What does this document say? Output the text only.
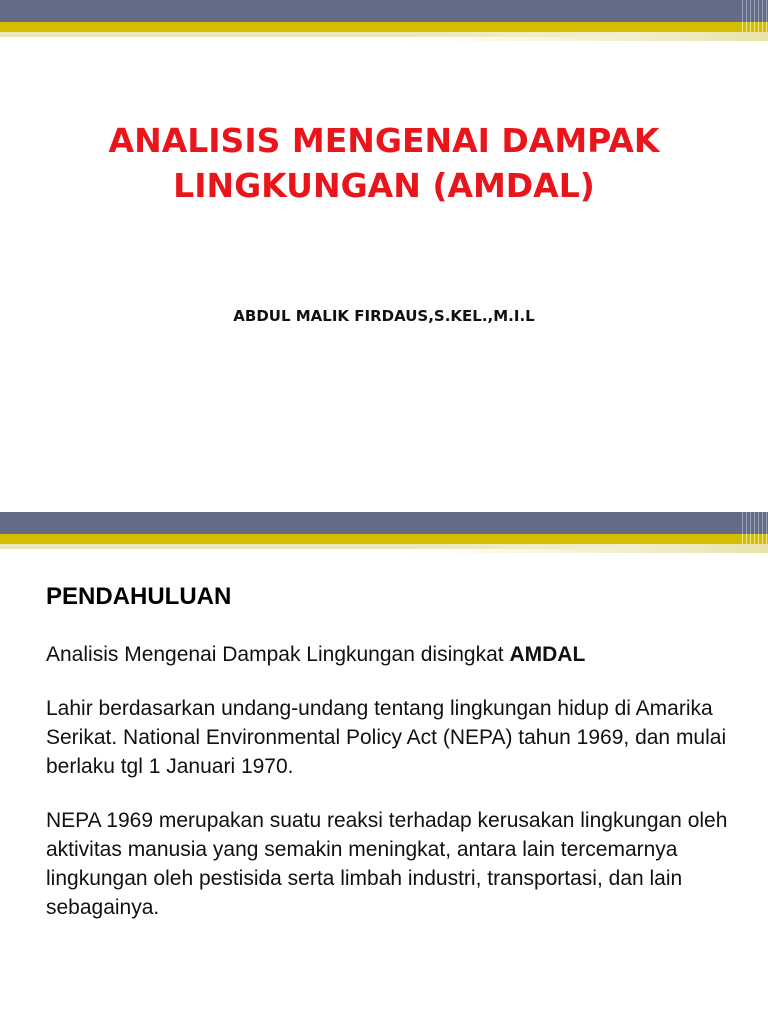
ANALISIS MENGENAI DAMPAK
LINGKUNGAN (AMDAL)

ABDUL MALIK FIRDAUS,S.KEL.,M.I.L

PENDAHULUAN

Analisis Mengenai Dampak Lingkungan disingkat AMDAL

Lahir berdasarkan undang-undang tentang lingkungan hidup di Amarika Serikat. National Environmental Policy Act (NEPA) tahun 1969, dan mulai berlaku tgl 1 Januari 1970.

NEPA 1969 merupakan suatu reaksi terhadap kerusakan lingkungan oleh aktivitas manusia yang semakin meningkat, antara lain tercemarnya lingkungan oleh pestisida serta limbah industri, transportasi, dan lain sebagainya.
